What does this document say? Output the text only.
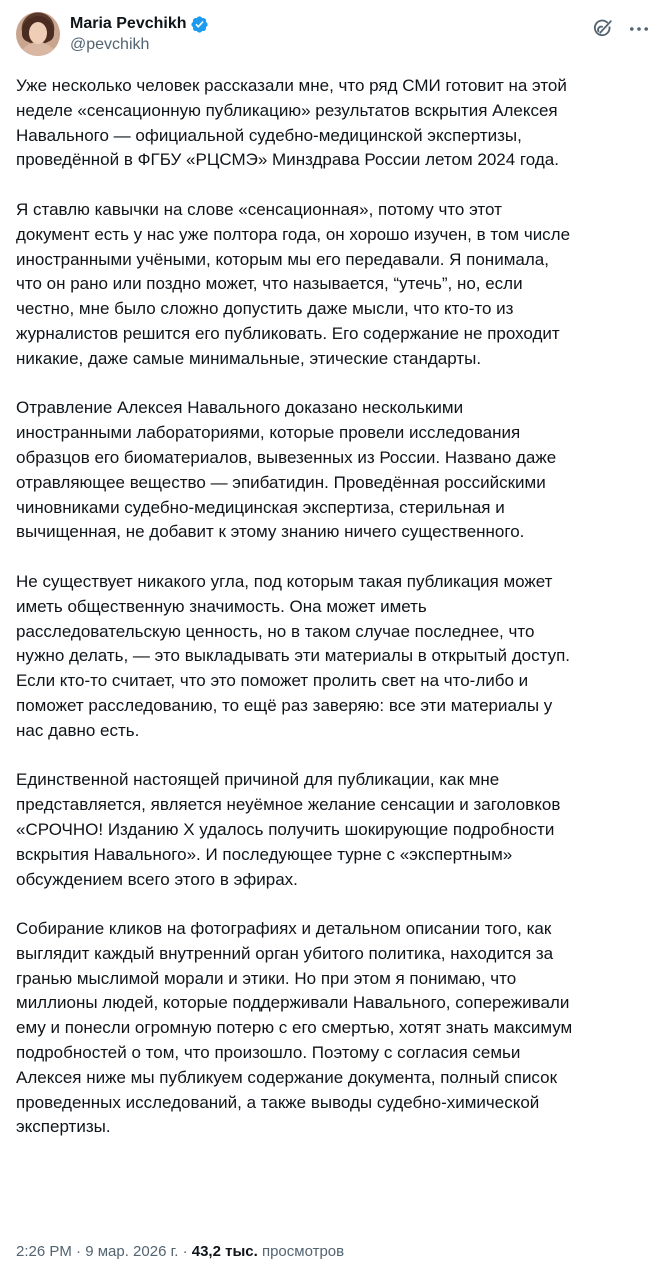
Maria Pevchikh
@pevchikh

Уже несколько человек рассказали мне, что ряд СМИ готовит на этой
неделе «сенсационную публикацию» результатов вскрытия Алексея
Навального — официальной судебно-медицинской экспертизы,
проведённой в ФГБУ «РЦСМЭ» Минздрава России летом 2024 года.

Я ставлю кавычки на слове «сенсационная», потому что этот
документ есть у нас уже полтора года, он хорошо изучен, в том числе
иностранными учёными, которым мы его передавали. Я понимала,
что он рано или поздно может, что называется, “утечь”, но, если
честно, мне было сложно допустить даже мысли, что кто-то из
журналистов решится его публиковать. Его содержание не проходит
никакие, даже самые минимальные, этические стандарты.

Отравление Алексея Навального доказано несколькими
иностранными лабораториями, которые провели исследования
образцов его биоматериалов, вывезенных из России. Названо даже
отравляющее вещество — эпибатидин. Проведённая российскими
чиновниками судебно-медицинская экспертиза, стерильная и
вычищенная, не добавит к этому знанию ничего существенного.

Не существует никакого угла, под которым такая публикация может
иметь общественную значимость. Она может иметь
расследовательскую ценность, но в таком случае последнее, что
нужно делать, — это выкладывать эти материалы в открытый доступ.
Если кто-то считает, что это поможет пролить свет на что-либо и
поможет расследованию, то ещё раз заверяю: все эти материалы у
нас давно есть.

Единственной настоящей причиной для публикации, как мне
представляется, является неуёмное желание сенсации и заголовков
«СРОЧНО! Изданию X удалось получить шокирующие подробности
вскрытия Навального». И последующее турне с «экспертным»
обсуждением всего этого в эфирах.

Собирание кликов на фотографиях и детальном описании того, как
выглядит каждый внутренний орган убитого политика, находится за
гранью мыслимой морали и этики. Но при этом я понимаю, что
миллионы людей, которые поддерживали Навального, сопереживали
ему и понесли огромную потерю с его смертью, хотят знать максимум
подробностей о том, что произошло. Поэтому с согласия семьи
Алексея ниже мы публикуем содержание документа, полный список
проведенных исследований, а также выводы судебно-химической
экспертизы.

2:26 PM · 9 мар. 2026 г. · 43,2 тыс. просмотров
